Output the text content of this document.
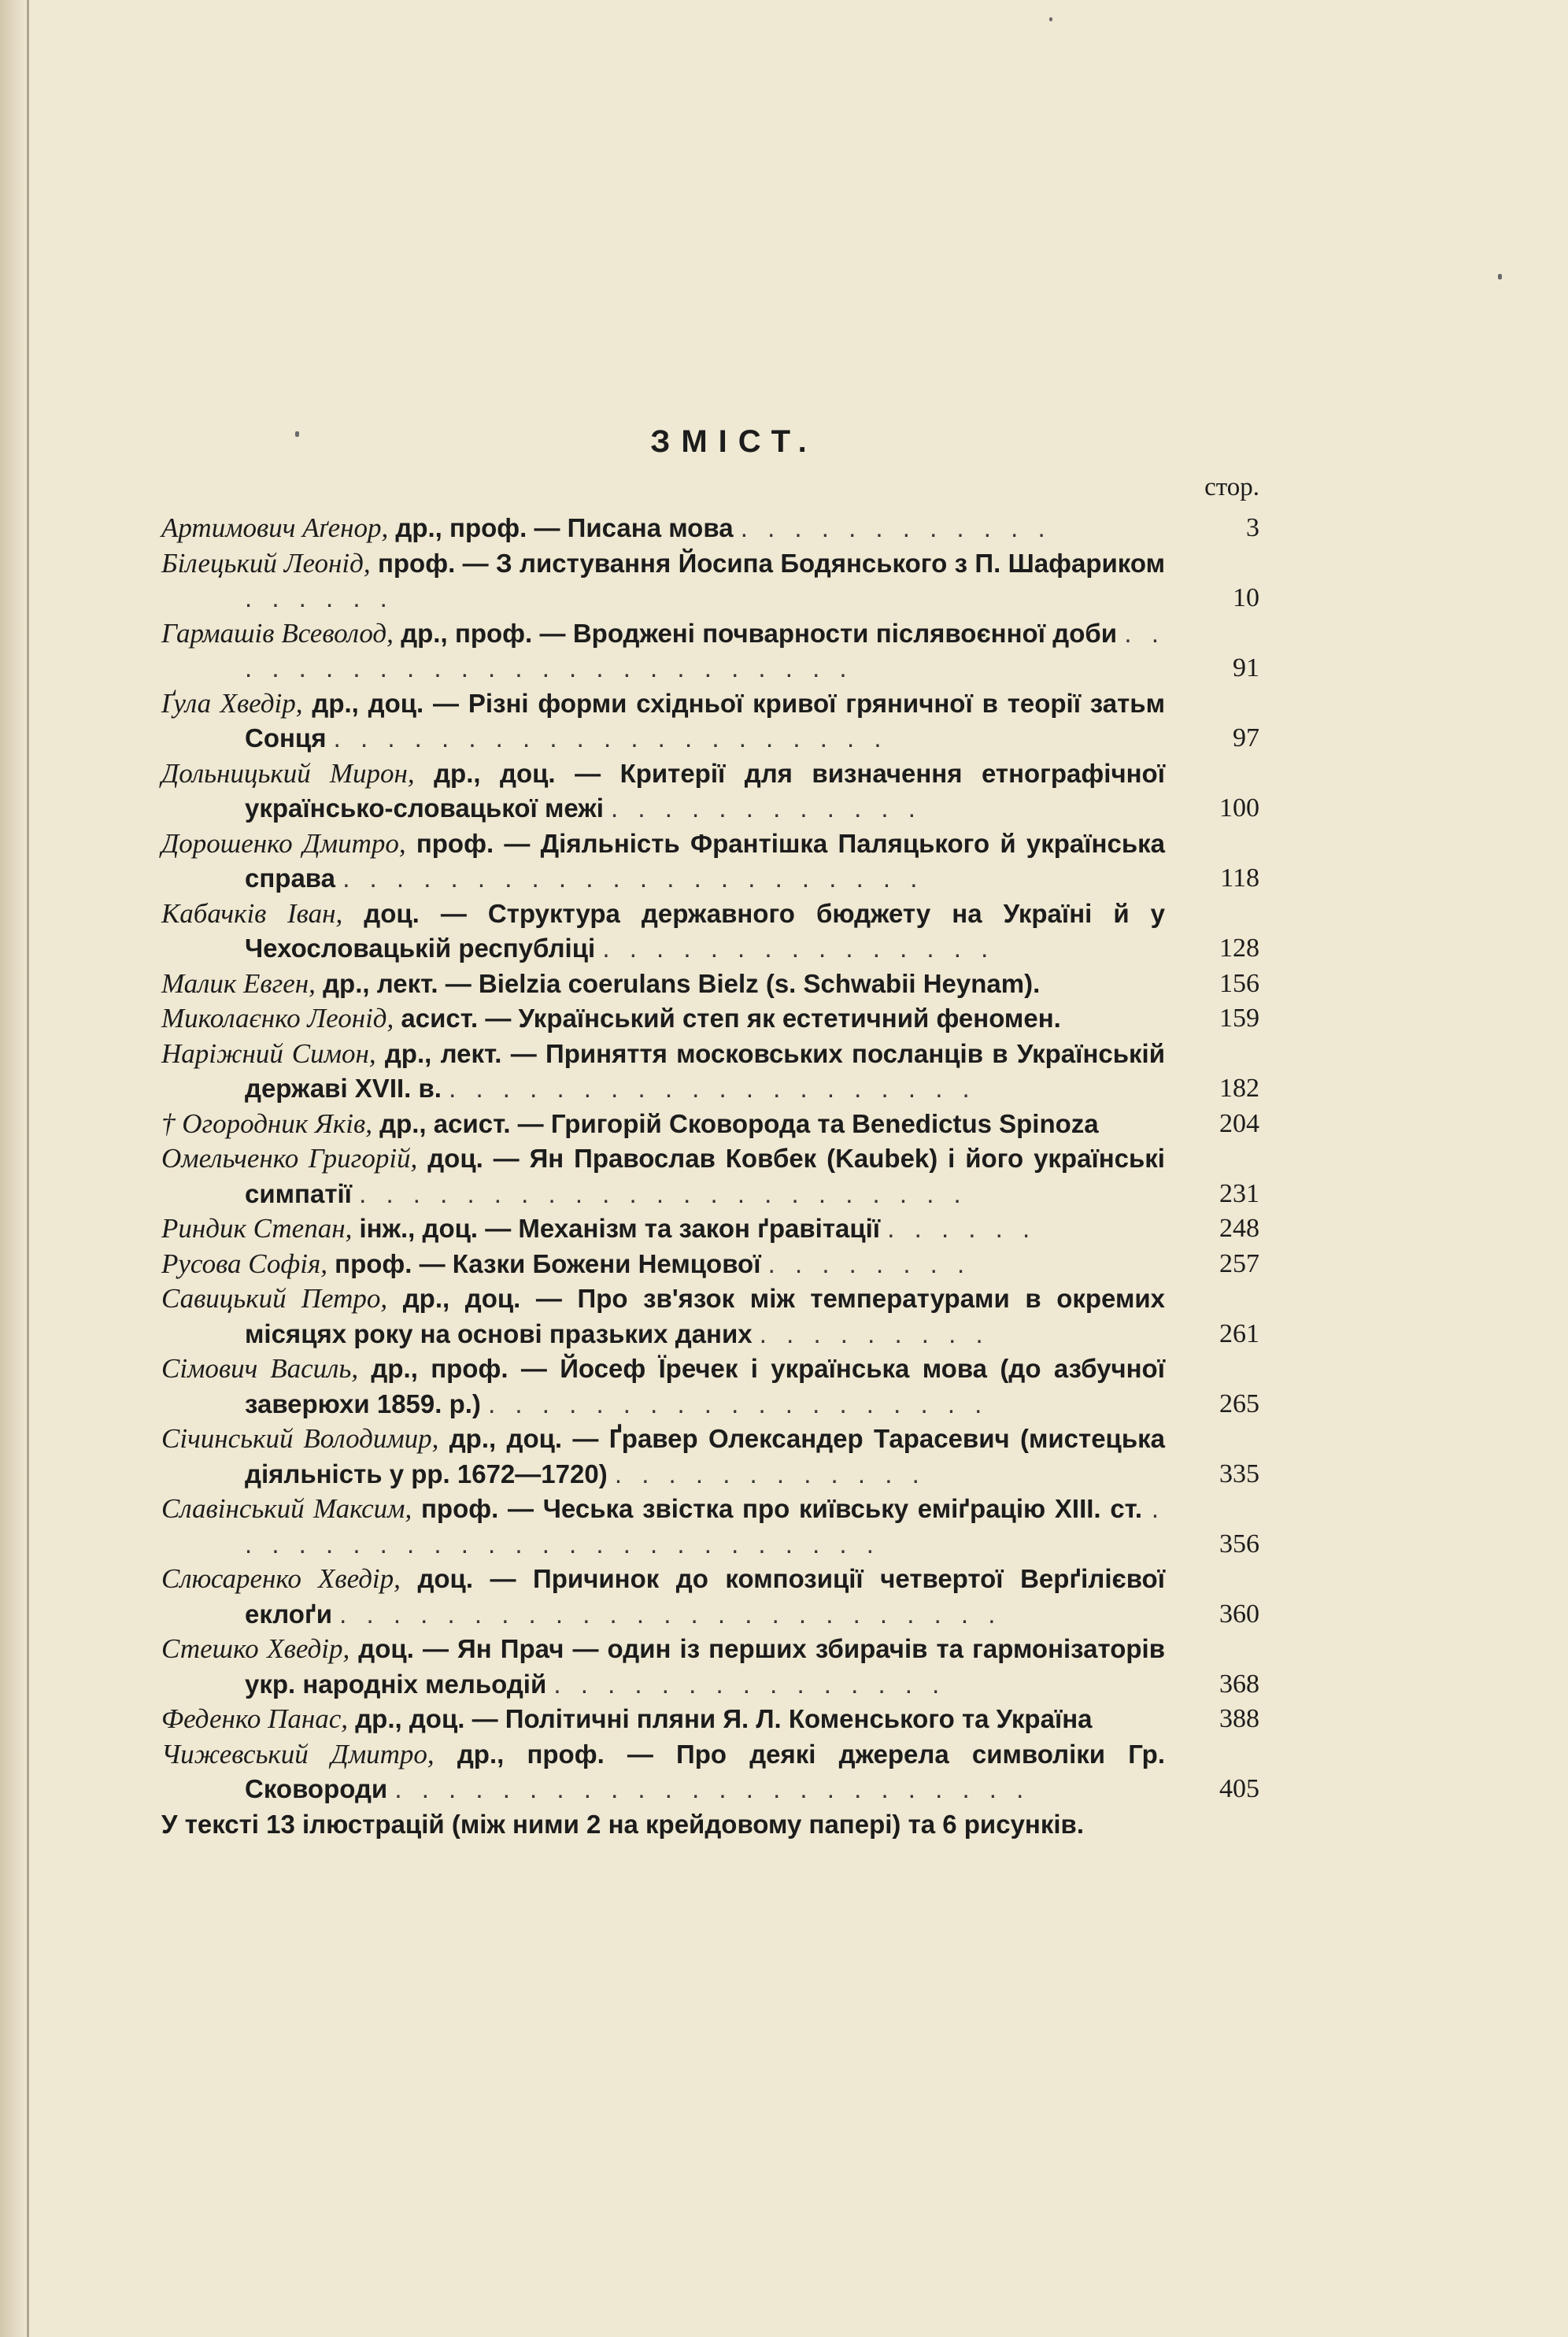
ЗМІСТ.
стор.
Артимович Аґенор, др., проф. — Писана мова . . . . . . . . . . . .	3
Білецький Леонід, проф. — З листування Йосипа Бодянського з П. Шафариком . . . . . .	10
Гармашів Всеволод, др., проф. — Вроджені почварности післявоєнної доби . . . . . . . . . . . . . . . . . . . . . . . . .	91
Ґула Хведір, др., доц. — Різні форми східньої кривої гряничної в теорії затьм Сонця . . . . . . . . . . . . . . . . . . . . .	97
Дольницький Мирон, др., доц. — Критерії для визначення етнографічної українсько-словацької межі . . . . . . . . . . . .	100
Дорошенко Дмитро, проф. — Діяльність Франтішка Паляцького й українська справа . . . . . . . . . . . . . . . . . . . . . .	118
Кабачків Іван, доц. — Структура державного бюджету на Україні й у Чехословацькій республіці . . . . . . . . . . . . . . .	128
Малик Евген, др., лект. — Bielzia coerulans Bielz (s. Schwabii Heynam).	156
Миколаєнко Леонід, асист. — Український степ як естетичний феномен.	159
Наріжний Симон, др., лект. — Приняття московських посланців в Українській державі XVII. в. . . . . . . . . . . . . . . . . . . . .	182
† Огородник Яків, др., асист. — Григорій Сковорода та Benedictus Spinoza	204
Омельченко Григорій, доц. — Ян Православ Ковбек (Kaubek) і його українські симпатії . . . . . . . . . . . . . . . . . . . . . . .	231
Риндик Степан, інж., доц. — Механізм та закон ґравітації . . . . . .	248
Русова Софія, проф. — Казки Божени Немцової . . . . . . . .	257
Савицький Петро, др., доц. — Про зв'язок між температурами в окремих місяцях року на основі празьких даних . . . . . . . . .	261
Сімович Василь, др., проф. — Йосеф Їречек і українська мова (до азбучної заверюхи 1859. р.) . . . . . . . . . . . . . . . . . . .	265
Січинський Володимир, др., доц. — Ґравер Олександер Тарасевич (мистецька діяльність у рр. 1672—1720) . . . . . . . . . . . .	335
Славінський Максим, проф. — Чеська звістка про київську еміґрацію XIII. ст. . . . . . . . . . . . . . . . . . . . . . . . . .	356
Слюсаренко Хведір, доц. — Причинок до композиції четвертої Верґілієвої еклоґи . . . . . . . . . . . . . . . . . . . . . . . . .	360
Стешко Хведір, доц. — Ян Прач — один із перших збирачів та гармонізаторів укр. народніх мельодій . . . . . . . . . . . . . . .	368
Феденко Панас, др., доц. — Політичні пляни Я. Л. Коменського та Україна	388
Чижевський Дмитро, др., проф. — Про деякі джерела символіки Гр. Сковороди . . . . . . . . . . . . . . . . . . . . . . . .	405
У тексті 13 ілюстрацій (між ними 2 на крейдовому папері) та 6 рисунків.
